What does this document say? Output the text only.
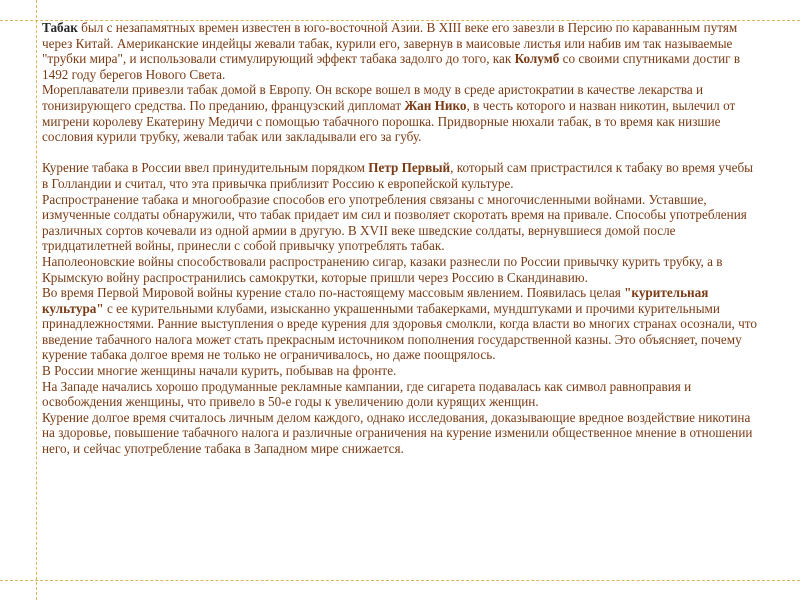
Табак был с незапамятных времен известен в юго-восточной Азии. В XIII веке его завезли в Персию по караванным путям через Китай. Американские индейцы жевали табак, курили его, завернув в маисовые листья или набив им так называемые "трубки мира", и использовали стимулирующий эффект табака задолго до того, как Колумб со своими спутниками достиг в 1492 году берегов Нового Света.

Мореплаватели привезли табак домой в Европу. Он вскоре вошел в моду в среде аристократии в качестве лекарства и тонизирующего средства. По преданию, французский дипломат Жан Нико, в честь которого и назван никотин, вылечил от мигрени королеву Екатерину Медичи с помощью табачного порошка. Придворные нюхали табак, в то время как низшие сословия курили трубку, жевали табак или закладывали его за губу.

Курение табака в России ввел принудительным порядком Петр Первый, который сам пристрастился к табаку во время учебы в Голландии и считал, что эта привычка приблизит Россию к европейской культуре.

Распространение табака и многообразие способов его употребления связаны с многочисленными войнами. Уставшие, измученные солдаты обнаружили, что табак придает им сил и позволяет скоротать время на привале. Способы употребления различных сортов кочевали из одной армии в другую. В XVII веке шведские солдаты, вернувшиеся домой после тридцатилетней войны, принесли с собой привычку употреблять табак.

Наполеоновские войны способствовали распространению сигар, казаки разнесли по России привычку курить трубку, а в Крымскую войну распространились самокрутки, которые пришли через Россию в Скандинавию.

Во время Первой Мировой войны курение стало по-настоящему массовым явлением. Появилась целая "курительная культура" с ее курительными клубами, изысканно украшенными табакерками, мундштуками и прочими курительными принадлежностями. Ранние выступления о вреде курения для здоровья смолкли, когда власти во многих странах осознали, что введение табачного налога может стать прекрасным источником пополнения государственной казны. Это объясняет, почему курение табака долгое время не только не ограничивалось, но даже поощрялось.

В России многие женщины начали курить, побывав на фронте.

На Западе начались хорошо продуманные рекламные кампании, где сигарета подавалась как символ равноправия и освобождения женщины, что привело в 50-е годы к увеличению доли курящих женщин.

Курение долгое время считалось личным делом каждого, однако исследования, доказывающие вредное воздействие никотина на здоровье, повышение табачного налога и различные ограничения на курение изменили общественное мнение в отношении него, и сейчас употребление табака в Западном мире снижается.
